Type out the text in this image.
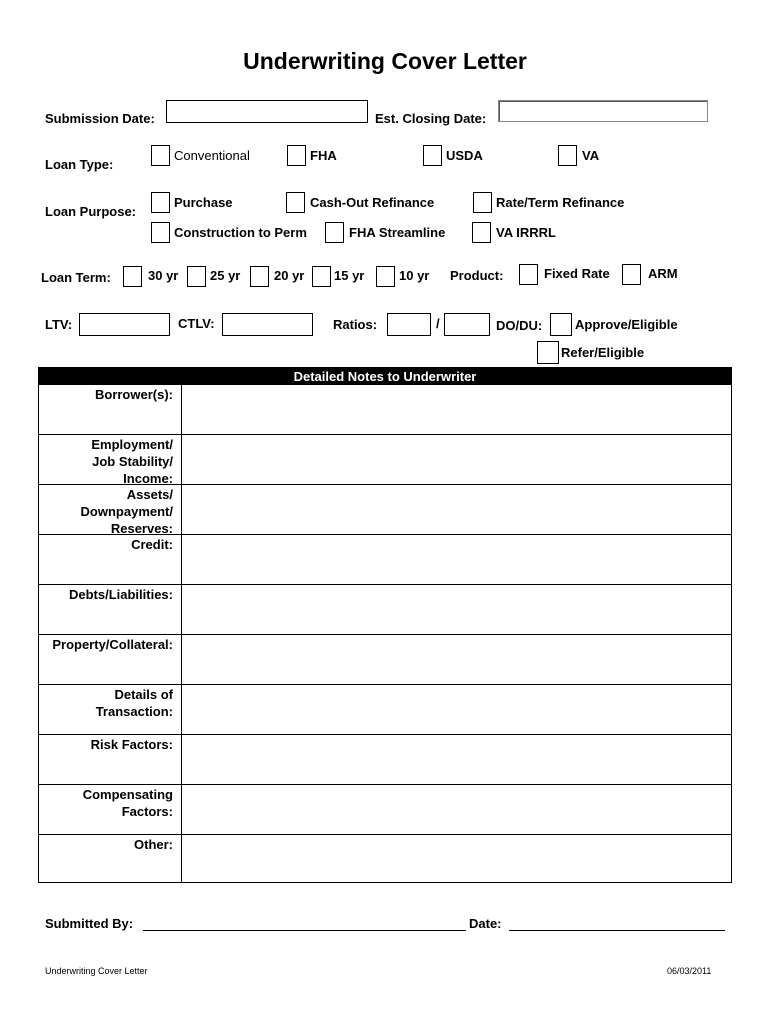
Underwriting Cover Letter
Submission Date:	Est. Closing Date:
Loan Type:
Conventional	FHA	USDA	VA
Loan Purpose:
Purchase	Cash-Out Refinance	Rate/Term Refinance
Construction to Perm	FHA Streamline	VA IRRRL
Loan Term:	30 yr 25 yr	20 yr 15 yr	10 yr Product:	Fixed Rate	ARM
LTV:	CTLV:	Ratios:	/	DO/DU:	Approve/Eligible
Refer/Eligible
Detailed Notes to Underwriter
Borrower(s):
Employment/
Job Stability/
Income:
Assets/
Downpayment/
Reserves:
Credit:
Debts/Liabilities:
Property/Collateral:
Details of
Transaction:
Risk Factors:
Compensating
Factors:
Other:
Submitted By:	Date:
Underwriting Cover Letter	06/03/2011
